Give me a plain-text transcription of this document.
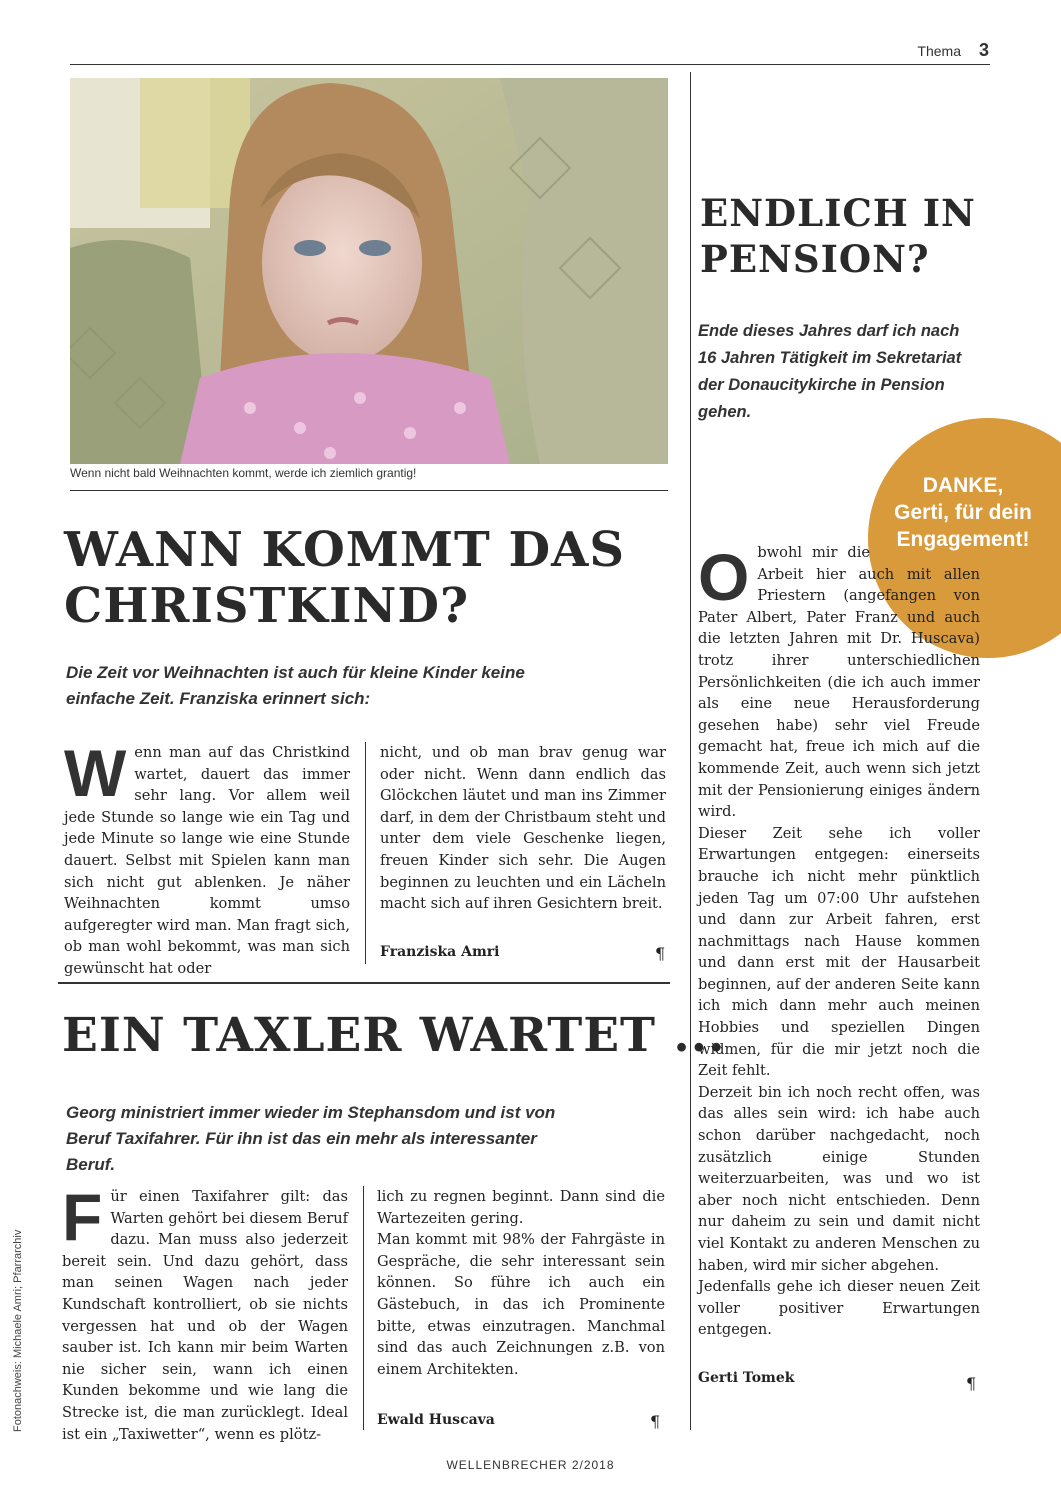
Thema 3
Wenn nicht bald Weihnachten kommt, werde ich ziemlich grantig!
WANN KOMMT DAS
CHRISTKIND?
Die Zeit vor Weihnachten ist auch für kleine Kinder keine einfache Zeit. Franziska erinnert sich:
Wenn man auf das Christkind wartet, dauert das immer sehr lang. Vor allem weil jede Stunde so lange wie ein Tag und jede Minute so lange wie eine Stunde dauert. Selbst mit Spielen kann man sich nicht gut ablenken. Je näher Weihnachten kommt umso aufgeregter wird man. Man fragt sich, ob man wohl bekommt, was man sich gewünscht hat oder
nicht, und ob man brav genug war oder nicht. Wenn dann endlich das Glöckchen läutet und man ins Zimmer darf, in dem der Christbaum steht und unter dem viele Geschenke liegen, freuen Kinder sich sehr. Die Augen beginnen zu leuchten und ein Lächeln macht sich auf ihren Gesichtern breit.
Franziska Amri	¶
EIN TAXLER WARTET ...
Georg ministriert immer wieder im Stephansdom und ist von Beruf Taxifahrer. Für ihn ist das ein mehr als interessanter Beruf.
Für einen Taxifahrer gilt: das Warten gehört bei diesem Beruf dazu. Man muss also jederzeit bereit sein. Und dazu gehört, dass man seinen Wagen nach jeder Kundschaft kontrolliert, ob sie nichts vergessen hat und ob der Wagen sauber ist. Ich kann mir beim Warten nie sicher sein, wann ich einen Kunden bekomme und wie lang die Strecke ist, die man zurücklegt. Ideal ist ein „Taxiwetter“, wenn es plötz-

lich zu regnen beginnt. Dann sind die Wartezeiten gering.

Man kommt mit 98% der Fahrgäste in Gespräche, die sehr interessant sein können. So führe ich auch ein Gästebuch, in das ich Prominente bitte, etwas einzutragen. Manchmal sind das auch Zeichnungen z.B. von einem Architekten.

Ewald Huscava	¶
ENDLICH IN
PENSION?
Ende dieses Jahres darf ich nach 16 Jahren Tätigkeit im Sekretariat der Donaucitykirche in Pension gehen.
DANKE,
Gerti, für dein
Engagement!

Obwohl mir die Arbeit hier auch mit allen Priestern (angefangen von Pater Albert, Pater Franz und auch die letzten Jahren mit Dr. Huscava) trotz ihrer unterschiedlichen Persönlichkeiten (die ich auch immer als eine neue Herausforderung gesehen habe) sehr viel Freude gemacht hat, freue ich mich auf die kommende Zeit, auch wenn sich jetzt mit der Pensionierung einiges ändern wird.

Dieser Zeit sehe ich voller Erwartungen entgegen: einerseits brauche ich nicht mehr pünktlich jeden Tag um 07:00 Uhr aufstehen und dann zur Arbeit fahren, erst nachmittags nach Hause kommen und dann erst mit der Hausarbeit beginnen, auf der anderen Seite kann ich mich dann mehr auch meinen Hobbies und speziellen Dingen widmen, für die mir jetzt noch die Zeit fehlt.

Derzeit bin ich noch recht offen, was das alles sein wird: ich habe auch schon darüber nachgedacht, noch zusätzlich einige Stunden weiterzuarbeiten, was und wo ist aber noch nicht entschieden. Denn nur daheim zu sein und damit nicht viel Kontakt zu anderen Menschen zu haben, wird mir sicher abgehen.

Jedenfalls gehe ich dieser neuen Zeit voller positiver Erwartungen entgegen.

Gerti Tomek	¶
Fotonachweis: Michaele Amri; Pfarrarchiv
WELLENBRECHER 2/2018
